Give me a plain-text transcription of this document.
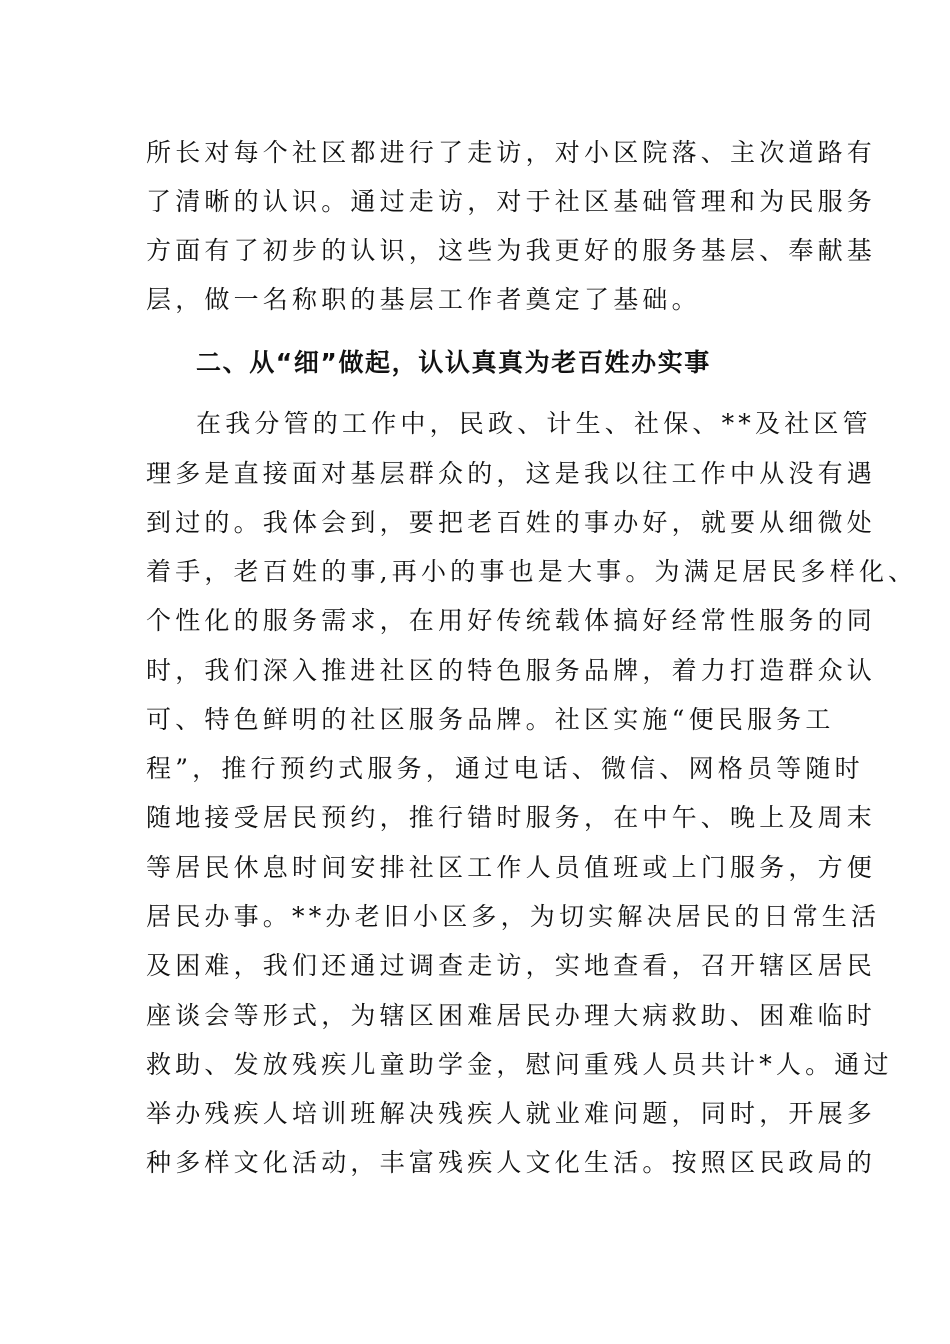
所长对每个社区都进行了走访，对小区院落、主次道路有
了清晰的认识。通过走访，对于社区基础管理和为民服务
方面有了初步的认识，这些为我更好的服务基层、奉献基
层，做一名称职的基层工作者奠定了基础。
二、从“细”做起，认认真真为老百姓办实事
在我分管的工作中，民政、计生、社保、**及社区管
理多是直接面对基层群众的，这是我以往工作中从没有遇
到过的。我体会到，要把老百姓的事办好，就要从细微处
着手，老百姓的事,再小的事也是大事。为满足居民多样化、
个性化的服务需求，在用好传统载体搞好经常性服务的同
时，我们深入推进社区的特色服务品牌，着力打造群众认
可、特色鲜明的社区服务品牌。社区实施“便民服务工
程”，推行预约式服务，通过电话、微信、网格员等随时
随地接受居民预约，推行错时服务，在中午、晚上及周末
等居民休息时间安排社区工作人员值班或上门服务，方便
居民办事。**办老旧小区多，为切实解决居民的日常生活
及困难，我们还通过调查走访，实地查看，召开辖区居民
座谈会等形式，为辖区困难居民办理大病救助、困难临时
救助、发放残疾儿童助学金，慰问重残人员共计*人。通过
举办残疾人培训班解决残疾人就业难问题，同时，开展多
种多样文化活动，丰富残疾人文化生活。按照区民政局的
